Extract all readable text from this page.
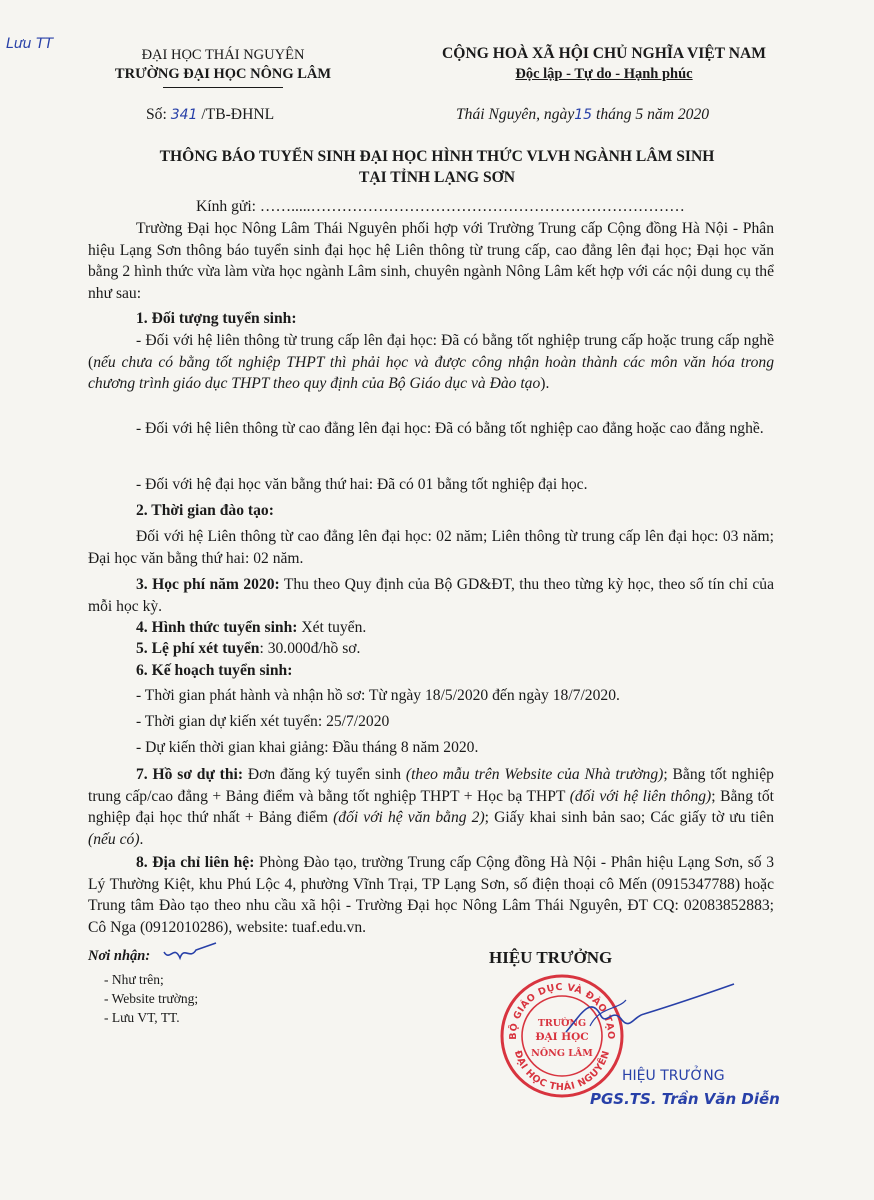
Lưu TT
ĐẠI HỌC THÁI NGUYÊN
TRƯỜNG ĐẠI HỌC NÔNG LÂM
CỘNG HOÀ XÃ HỘI CHỦ NGHĨA VIỆT NAM
Độc lập - Tự do - Hạnh phúc
Số: 341 /TB-ĐHNL	Thái Nguyên, ngày15 tháng 5 năm 2020
THÔNG BÁO TUYỂN SINH ĐẠI HỌC HÌNH THỨC VLVH NGÀNH LÂM SINH
TẠI TỈNH LẠNG SƠN
Kính gửi: …….....………………………………………………………………
Trường Đại học Nông Lâm Thái Nguyên phối hợp với Trường Trung cấp Cộng đồng Hà Nội - Phân hiệu Lạng Sơn thông báo tuyển sinh đại học hệ Liên thông từ trung cấp, cao đẳng lên đại học; Đại học văn bằng 2 hình thức vừa làm vừa học ngành Lâm sinh, chuyên ngành Nông Lâm kết hợp với các nội dung cụ thể như sau:
1. Đối tượng tuyển sinh:
- Đối với hệ liên thông từ trung cấp lên đại học: Đã có bằng tốt nghiệp trung cấp hoặc trung cấp nghề (nếu chưa có bằng tốt nghiệp THPT thì phải học và được công nhận hoàn thành các môn văn hóa trong chương trình giáo dục THPT theo quy định của Bộ Giáo dục và Đào tạo).
- Đối với hệ liên thông từ cao đẳng lên đại học: Đã có bằng tốt nghiệp cao đẳng hoặc cao đẳng nghề.
- Đối với hệ đại học văn bằng thứ hai: Đã có 01 bằng tốt nghiệp đại học.
2. Thời gian đào tạo:
Đối với hệ Liên thông từ cao đẳng lên đại học: 02 năm; Liên thông từ trung cấp lên đại học: 03 năm; Đại học văn bằng thứ hai: 02 năm.
3. Học phí năm 2020: Thu theo Quy định của Bộ GD&ĐT, thu theo từng kỳ học, theo số tín chỉ của mỗi học kỳ.
4. Hình thức tuyển sinh: Xét tuyển.
5. Lệ phí xét tuyển: 30.000đ/hồ sơ.
6. Kế hoạch tuyển sinh:
- Thời gian phát hành và nhận hồ sơ: Từ ngày 18/5/2020 đến ngày 18/7/2020.
- Thời gian dự kiến xét tuyển: 25/7/2020
- Dự kiến thời gian khai giảng: Đầu tháng 8 năm 2020.
7. Hồ sơ dự thi: Đơn đăng ký tuyển sinh (theo mẫu trên Website của Nhà trường); Bằng tốt nghiệp trung cấp/cao đẳng + Bảng điểm và bằng tốt nghiệp THPT + Học bạ THPT (đối với hệ liên thông); Bằng tốt nghiệp đại học thứ nhất + Bảng điểm (đối với hệ văn bằng 2); Giấy khai sinh bản sao; Các giấy tờ ưu tiên (nếu có).
8. Địa chỉ liên hệ: Phòng Đào tạo, trường Trung cấp Cộng đồng Hà Nội - Phân hiệu Lạng Sơn, số 3 Lý Thường Kiệt, khu Phú Lộc 4, phường Vĩnh Trại, TP Lạng Sơn, số điện thoại cô Mến (0915347788) hoặc Trung tâm Đào tạo theo nhu cầu xã hội - Trường Đại học Nông Lâm Thái Nguyên, ĐT CQ: 02083852883; Cô Nga (0912010286), website: tuaf.edu.vn.
Nơi nhận:
- Như trên;
- Website trường;
- Lưu VT, TT.
HIỆU TRƯỞNG
BỘ GIÁO DỤC VÀ ĐÀO TẠO
ĐẠI HỌC THÁI NGUYÊN
TRƯỜNG
ĐẠI HỌC
NÔNG LÂM
HIỆU TRƯỞNG
PGS.TS. Trần Văn Diễn
